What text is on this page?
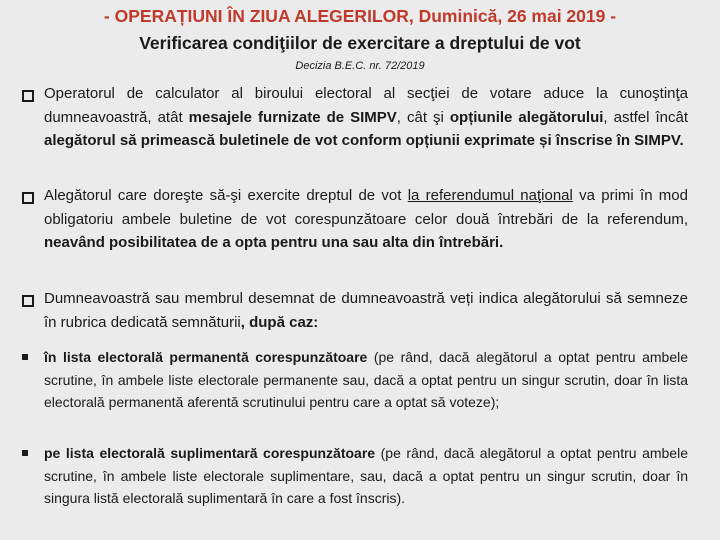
- OPERAȚIUNI ÎN ZIUA ALEGERILOR, Duminică, 26 mai 2019 -
Verificarea condiţiilor de exercitare a dreptului de vot
Decizia B.E.C. nr. 72/2019
Operatorul de calculator al biroului electoral al secţiei de votare aduce la cunoştinţa dumneavoastră, atât mesajele furnizate de SIMPV, cât şi opțiunile alegătorului, astfel încât alegătorul să primească buletinele de vot conform opțiunii exprimate și înscrise în SIMPV.
Alegătorul care doreşte să-şi exercite dreptul de vot la referendumul naţional va primi în mod obligatoriu ambele buletine de vot corespunzătoare celor două întrebări de la referendum, neavând posibilitatea de a opta pentru una sau alta din întrebări.
Dumneavoastră sau membrul desemnat de dumneavoastră veți indica alegătorului să semneze în rubrica dedicată semnăturii, după caz:
în lista electorală permanentă corespunzătoare (pe rând, dacă alegătorul a optat pentru ambele scrutine, în ambele liste electorale permanente sau, dacă a optat pentru un singur scrutin, doar în lista electorală permanentă aferentă scrutinului pentru care a optat să voteze);
pe lista electorală suplimentară corespunzătoare (pe rând, dacă alegătorul a optat pentru ambele scrutine, în ambele liste electorale suplimentare, sau, dacă a optat pentru un singur scrutin, doar în singura listă electorală suplimentară în care a fost înscris).
